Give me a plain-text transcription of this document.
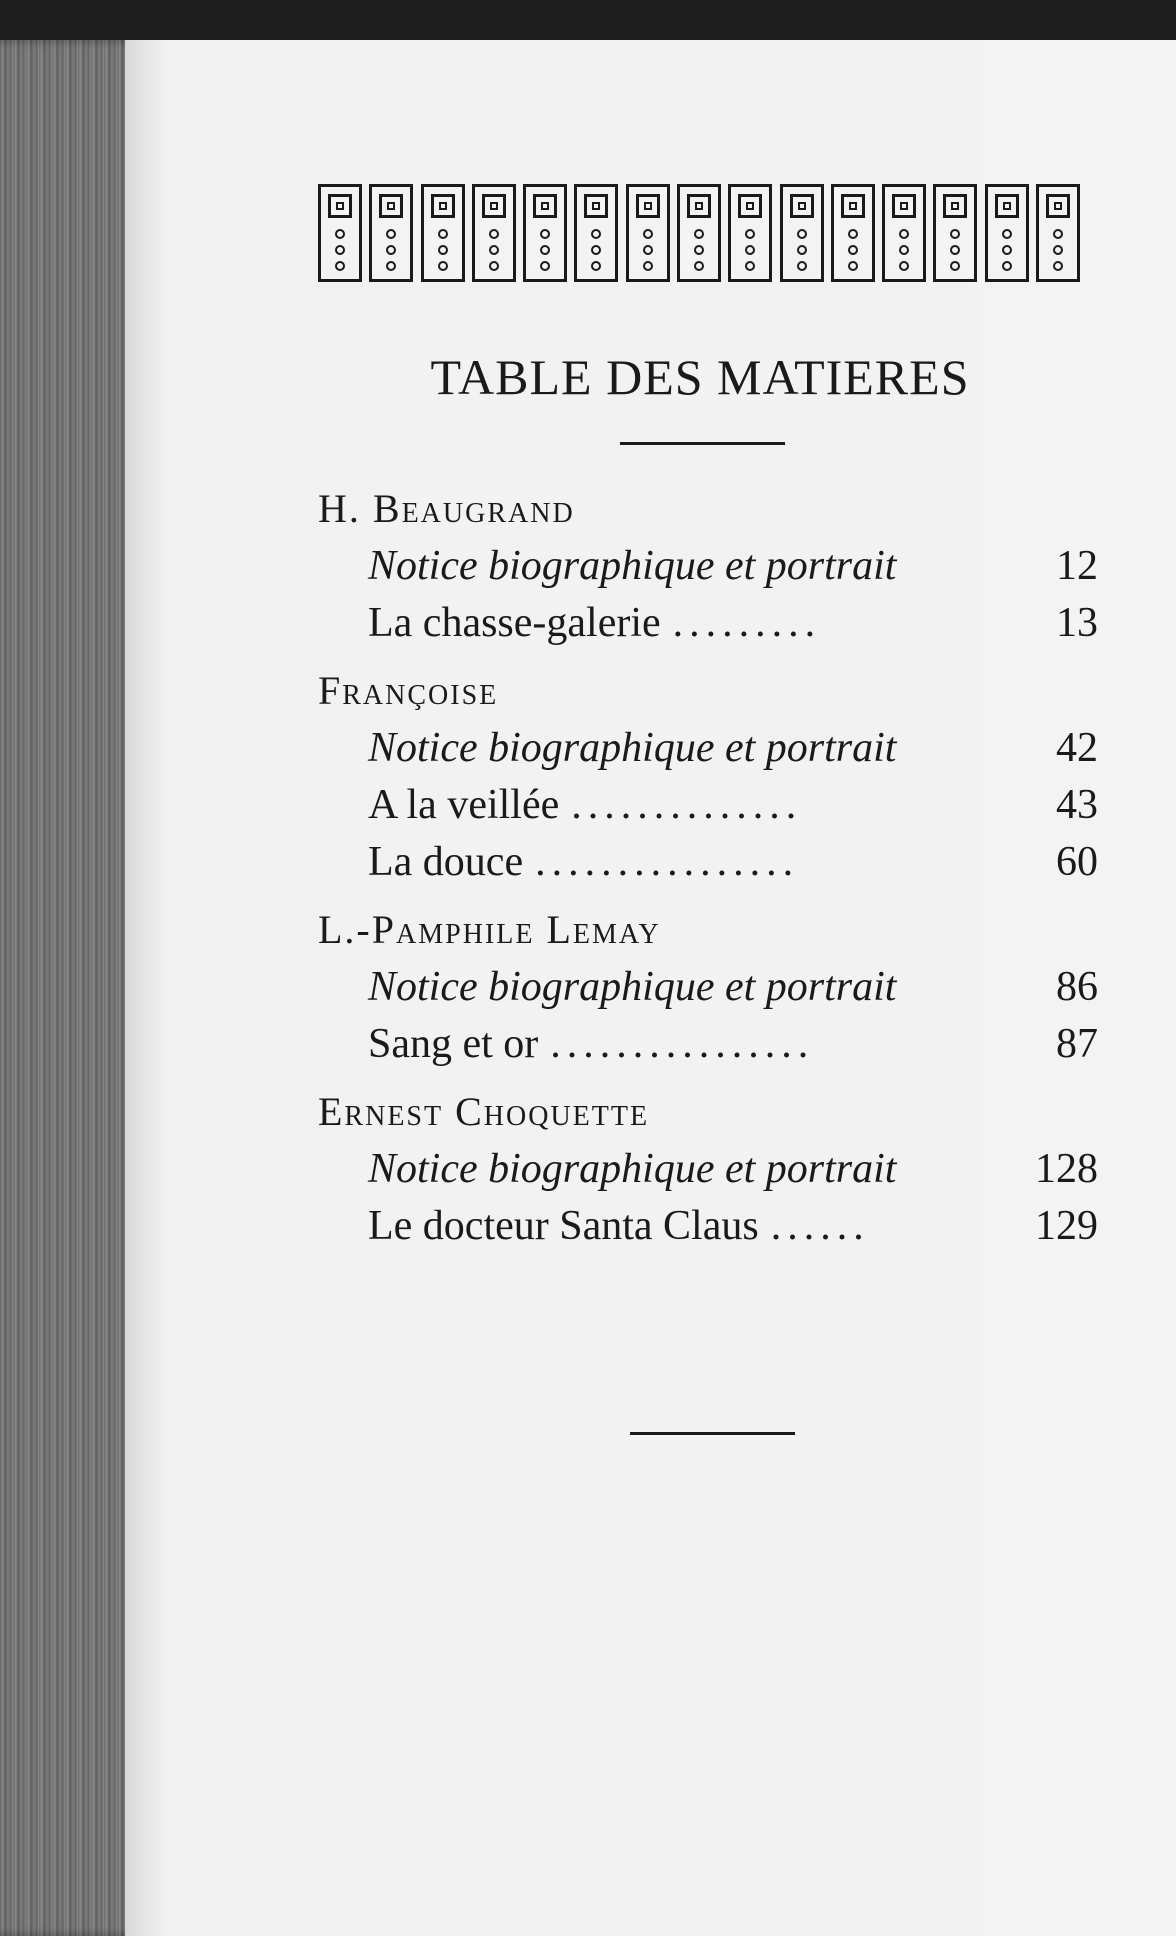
TABLE DES MATIERES
H. Beaugrand
Notice biographique et portrait	12
La chasse-galerie .........	13
Françoise
Notice biographique et portrait	42
A la veillée ..............	43
La douce ................	60
L.-Pamphile Lemay
Notice biographique et portrait	86
Sang et or ................	87
Ernest Choquette
Notice biographique et portrait	128
Le docteur Santa Claus ......	129
